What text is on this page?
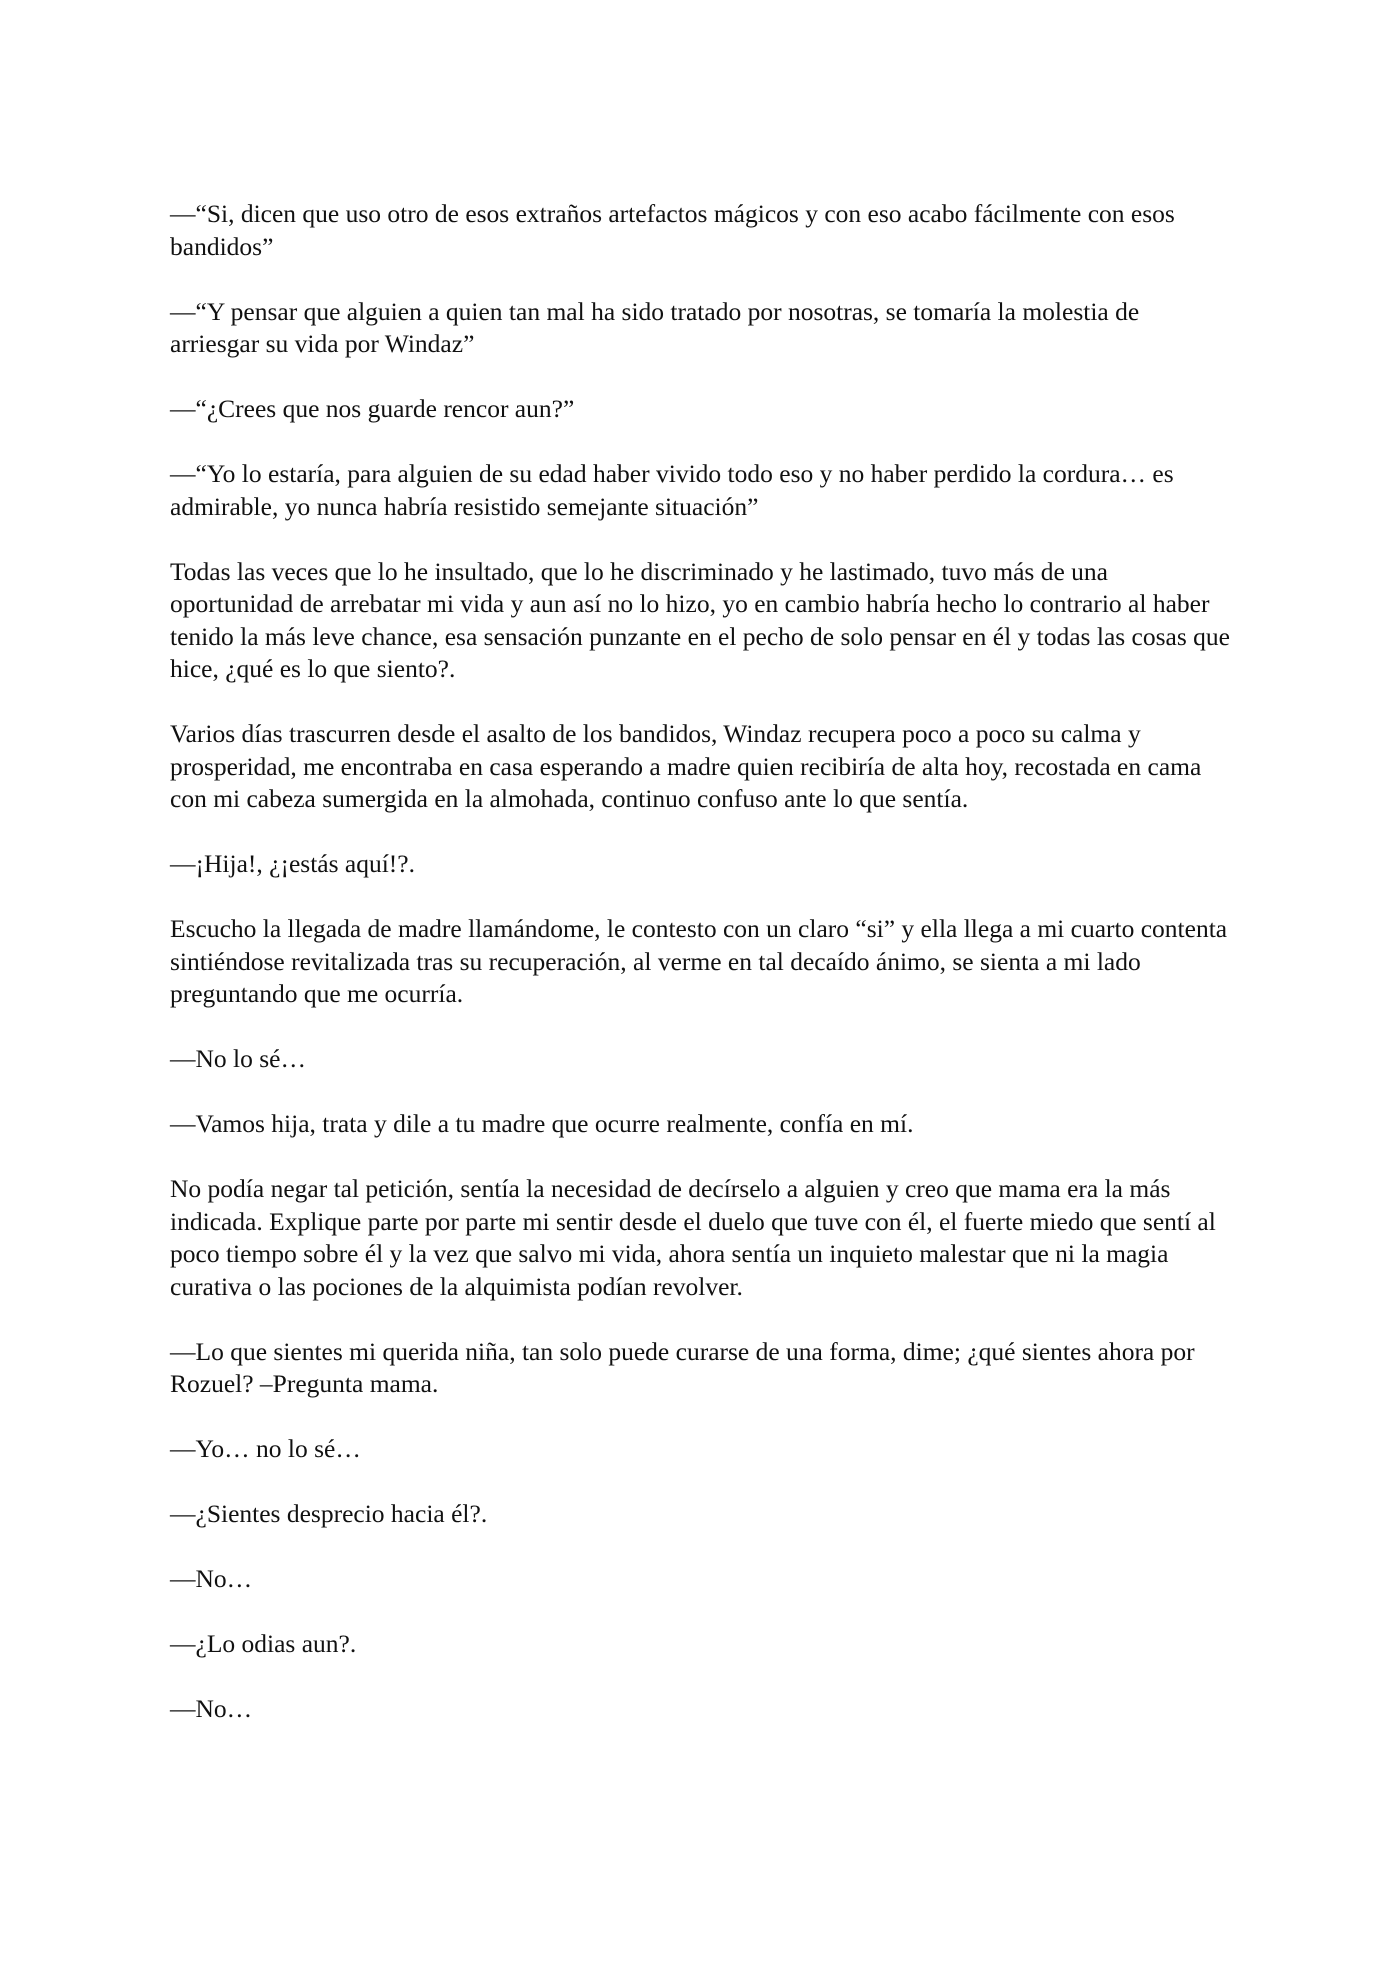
—“Si, dicen que uso otro de esos extraños artefactos mágicos y con eso acabo fácilmente con esos bandidos”

—“Y pensar que alguien a quien tan mal ha sido tratado por nosotras, se tomaría la molestia de arriesgar su vida por Windaz”

—“¿Crees que nos guarde rencor aun?”

—“Yo lo estaría, para alguien de su edad haber vivido todo eso y no haber perdido la cordura… es admirable, yo nunca habría resistido semejante situación”

Todas las veces que lo he insultado, que lo he discriminado y he lastimado, tuvo más de una oportunidad de arrebatar mi vida y aun así no lo hizo, yo en cambio habría hecho lo contrario al haber tenido la más leve chance, esa sensación punzante en el pecho de solo pensar en él y todas las cosas que hice, ¿qué es lo que siento?.

Varios días trascurren desde el asalto de los bandidos, Windaz recupera poco a poco su calma y prosperidad, me encontraba en casa esperando a madre quien recibiría de alta hoy, recostada en cama con mi cabeza sumergida en la almohada, continuo confuso ante lo que sentía.

—¡Hija!, ¿¡estás aquí!?.

Escucho la llegada de madre llamándome, le contesto con un claro “si” y ella llega a mi cuarto contenta sintiéndose revitalizada tras su recuperación, al verme en tal decaído ánimo, se sienta a mi lado preguntando que me ocurría.

—No lo sé…

—Vamos hija, trata y dile a tu madre que ocurre realmente, confía en mí.

No podía negar tal petición, sentía la necesidad de decírselo a alguien y creo que mama era la más indicada. Explique parte por parte mi sentir desde el duelo que tuve con él, el fuerte miedo que sentí al poco tiempo sobre él y la vez que salvo mi vida, ahora sentía un inquieto malestar que ni la magia curativa o las pociones de la alquimista podían revolver.

—Lo que sientes mi querida niña, tan solo puede curarse de una forma, dime; ¿qué sientes ahora por Rozuel? –Pregunta mama.

—Yo… no lo sé…

—¿Sientes desprecio hacia él?.

—No…

—¿Lo odias aun?.

—No…
